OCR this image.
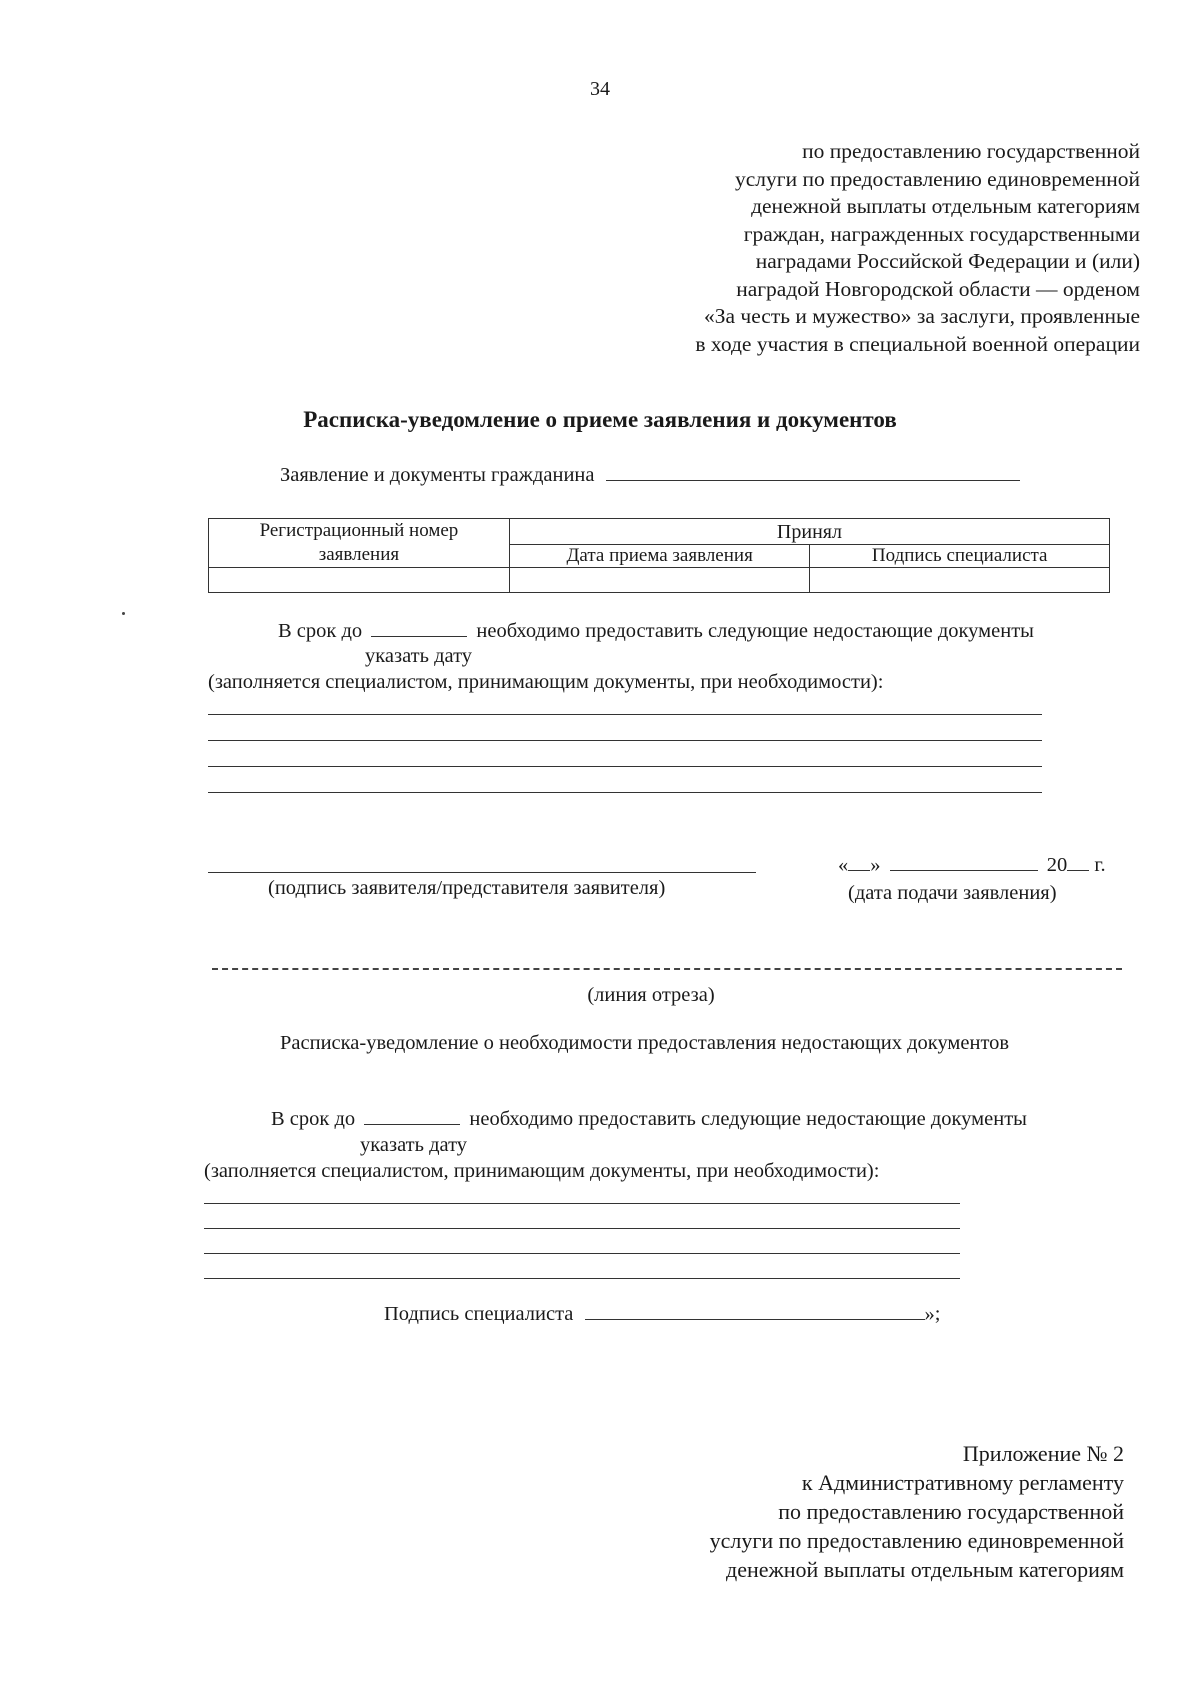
34
по предоставлению государственной
услуги по предоставлению единовременной
денежной выплаты отдельным категориям
граждан, награжденных государственными
наградами Российской Федерации и (или)
наградой Новгородской области — орденом
«За честь и мужество» за заслуги, проявленные
в ходе участия в специальной военной операции
Расписка-уведомление о приеме заявления и документов
Заявление и документы гражданина
Регистрационный номер заявления	Принял	
	Дата приема заявления	Подпись специалиста

В срок до	необходимо предоставить следующие недостающие документы
указать дату
(заполняется специалистом, принимающим документы, при необходимости):
(подпись заявителя/представителя заявителя)
« »	20 г.
(дата подачи заявления)
(линия отреза)
Расписка-уведомление о необходимости предоставления недостающих документов
В срок до	необходимо предоставить следующие недостающие документы
указать дату
(заполняется специалистом, принимающим документы, при необходимости):
Подпись специалиста	»;
Приложение № 2
к Административному регламенту
по предоставлению государственной
услуги по предоставлению единовременной
денежной выплаты отдельным категориям
